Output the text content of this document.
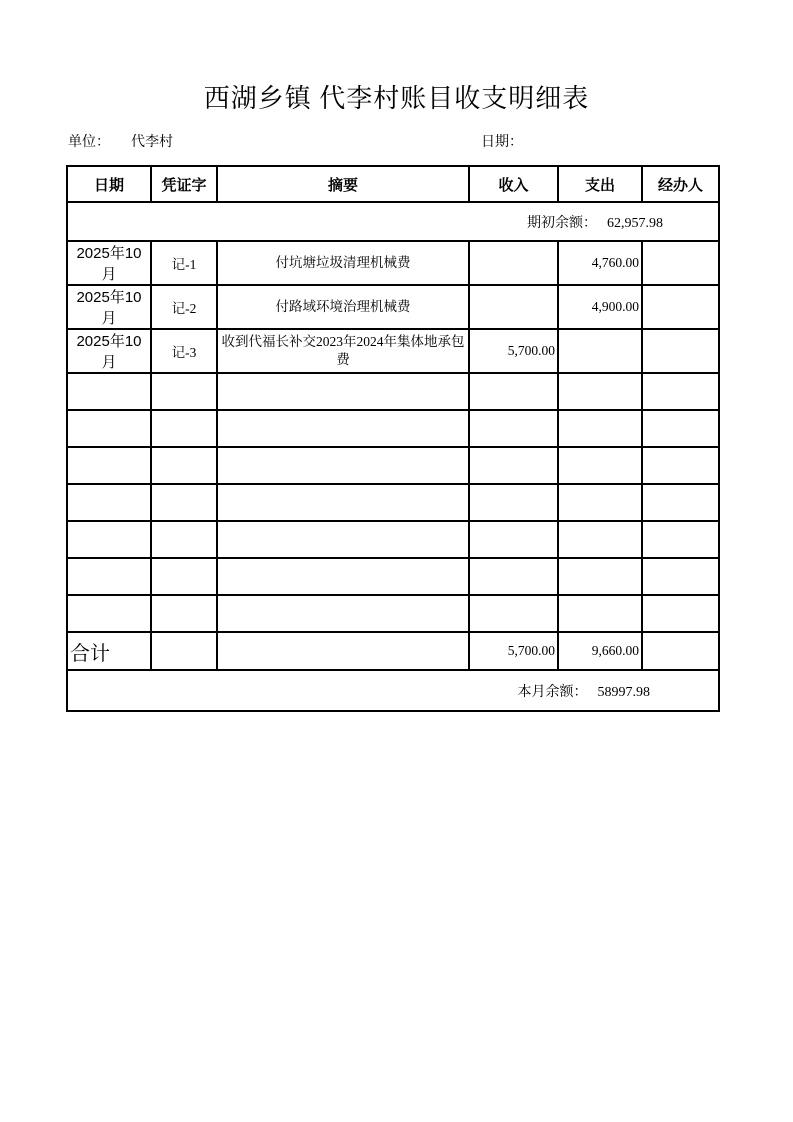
西湖乡镇 代李村账目收支明细表
单位： 代李村	日期：
日期	凭证字	摘要	收入	支出	经办人
期初余额： 62,957.98					
2025年10月	记-1	付坑塘垃圾清理机械费		4,760.00	
2025年10月	记-2	付路域环境治理机械费		4,900.00	
2025年10月	记-3	收到代福长补交2023年2024年集体地承包费	5,700.00		

合计			5,700.00	9,660.00	
本月余额： 58997.98					
